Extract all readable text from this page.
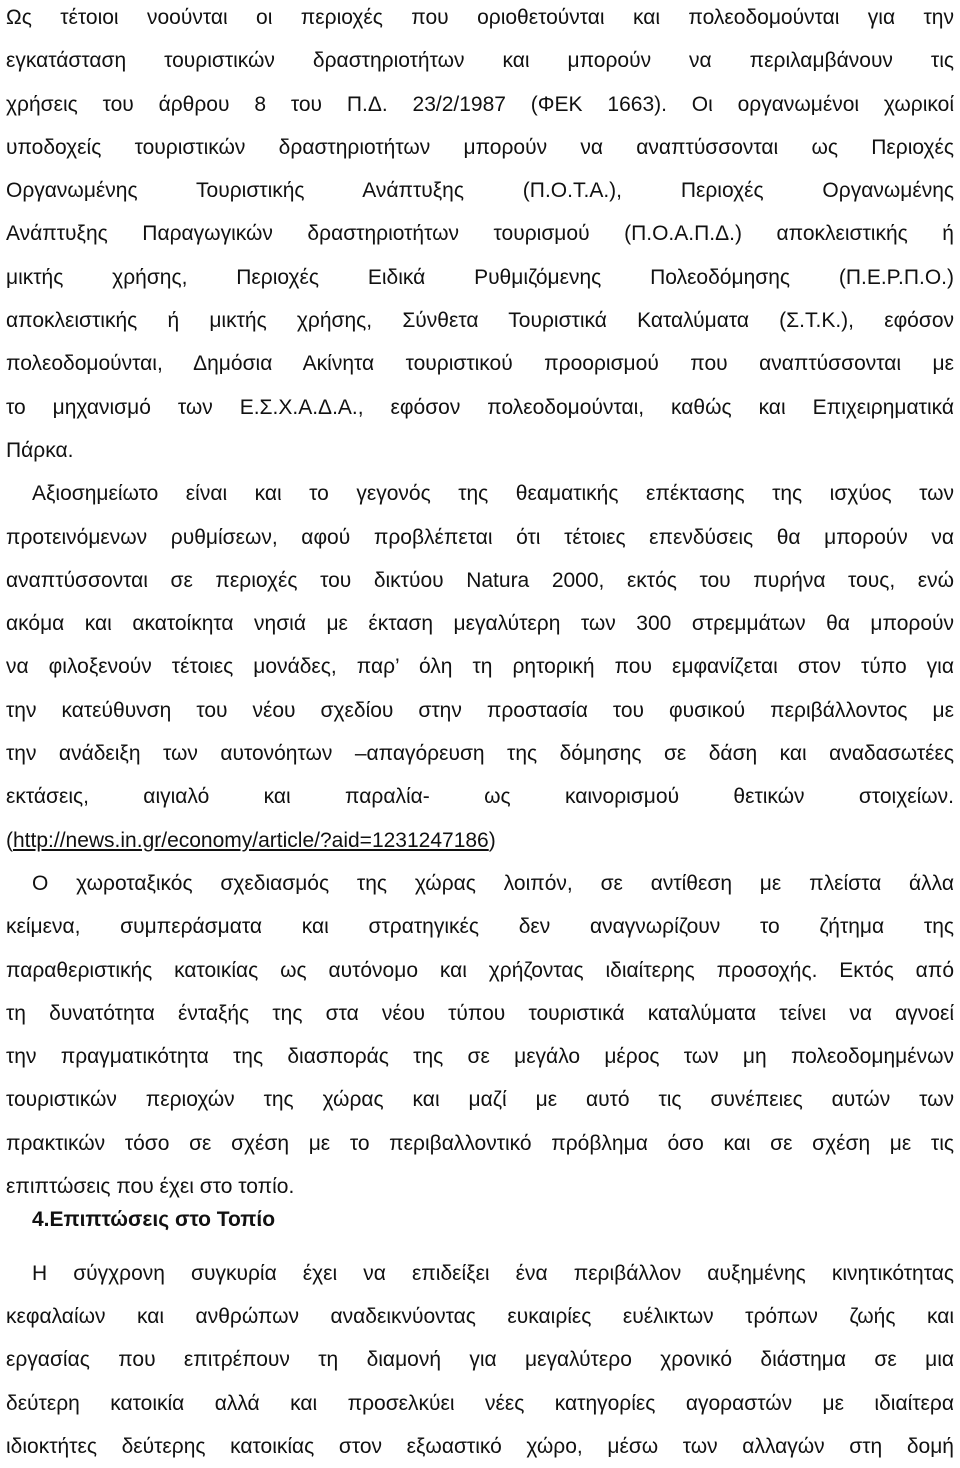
Ως τέτοιοι νοούνται οι περιοχές που οριοθετούνται και πολεοδομούνται για την
εγκατάσταση τουριστικών δραστηριοτήτων και μπορούν να περιλαμβάνουν τις
χρήσεις του άρθρου 8 του Π.Δ. 23/2/1987 (ΦΕΚ 1663). Οι οργανωμένοι χωρικοί
υποδοχείς τουριστικών δραστηριοτήτων μπορούν να αναπτύσσονται ως Περιοχές
Οργανωμένης Τουριστικής Ανάπτυξης (Π.Ο.Τ.Α.), Περιοχές Οργανωμένης
Ανάπτυξης Παραγωγικών δραστηριοτήτων τουρισμού (Π.Ο.Α.Π.Δ.) αποκλειστικής ή
μικτής χρήσης, Περιοχές Ειδικά Ρυθμιζόμενης Πολεοδόμησης (Π.Ε.Ρ.Π.Ο.)
αποκλειστικής ή μικτής χρήσης, Σύνθετα Τουριστικά Καταλύματα (Σ.Τ.Κ.), εφόσον
πολεοδομούνται, Δημόσια Ακίνητα τουριστικού προορισμού που αναπτύσσονται με
το μηχανισμό των Ε.Σ.Χ.Α.Δ.Α., εφόσον πολεοδομούνται, καθώς και Επιχειρηματικά
Πάρκα.
Αξιοσημείωτο είναι και το γεγονός της θεαματικής επέκτασης της ισχύος των
προτεινόμενων ρυθμίσεων, αφού προβλέπεται ότι τέτοιες επενδύσεις θα μπορούν να
αναπτύσσονται σε περιοχές του δικτύου Natura 2000, εκτός του πυρήνα τους, ενώ
ακόμα και ακατοίκητα νησιά με έκταση μεγαλύτερη των 300 στρεμμάτων θα μπορούν
να φιλοξενούν τέτοιες μονάδες, παρ’ όλη τη ρητορική που εμφανίζεται στον τύπο για
την κατεύθυνση του νέου σχεδίου στην προστασία του φυσικού περιβάλλοντος με
την ανάδειξη των αυτονόητων –απαγόρευση της δόμησης σε δάση και αναδασωτέες
εκτάσεις, αιγιαλό και παραλία- ως καινορισμού θετικών στοιχείων.
(http://news.in.gr/economy/article/?aid=1231247186)
Ο χωροταξικός σχεδιασμός της χώρας λοιπόν, σε αντίθεση με πλείστα άλλα
κείμενα, συμπεράσματα και στρατηγικές δεν αναγνωρίζουν το ζήτημα της
παραθεριστικής κατοικίας ως αυτόνομο και χρήζοντας ιδιαίτερης προσοχής. Εκτός από
τη δυνατότητα ένταξής της στα νέου τύπου τουριστικά καταλύματα τείνει να αγνοεί
την πραγματικότητα της διασποράς της σε μεγάλο μέρος των μη πολεοδομημένων
τουριστικών περιοχών της χώρας και μαζί με αυτό τις συνέπειες αυτών των
πρακτικών τόσο σε σχέση με το περιβαλλοντικό πρόβλημα όσο και σε σχέση με τις
επιπτώσεις που έχει στο τοπίο.
4.Επιπτώσεις στο Τοπίο
Η σύγχρονη συγκυρία έχει να επιδείξει ένα περιβάλλον αυξημένης κινητικότητας
κεφαλαίων και ανθρώπων αναδεικνύοντας ευκαιρίες ευέλικτων τρόπων ζωής και
εργασίας που επιτρέπουν τη διαμονή για μεγαλύτερο χρονικό διάστημα σε μια
δεύτερη κατοικία αλλά και προσελκύει νέες κατηγορίες αγοραστών με ιδιαίτερα
ιδιοκτήτες δεύτερης κατοικίας στον εξωαστικό χώρο, μέσω των αλλαγών στη δομή
